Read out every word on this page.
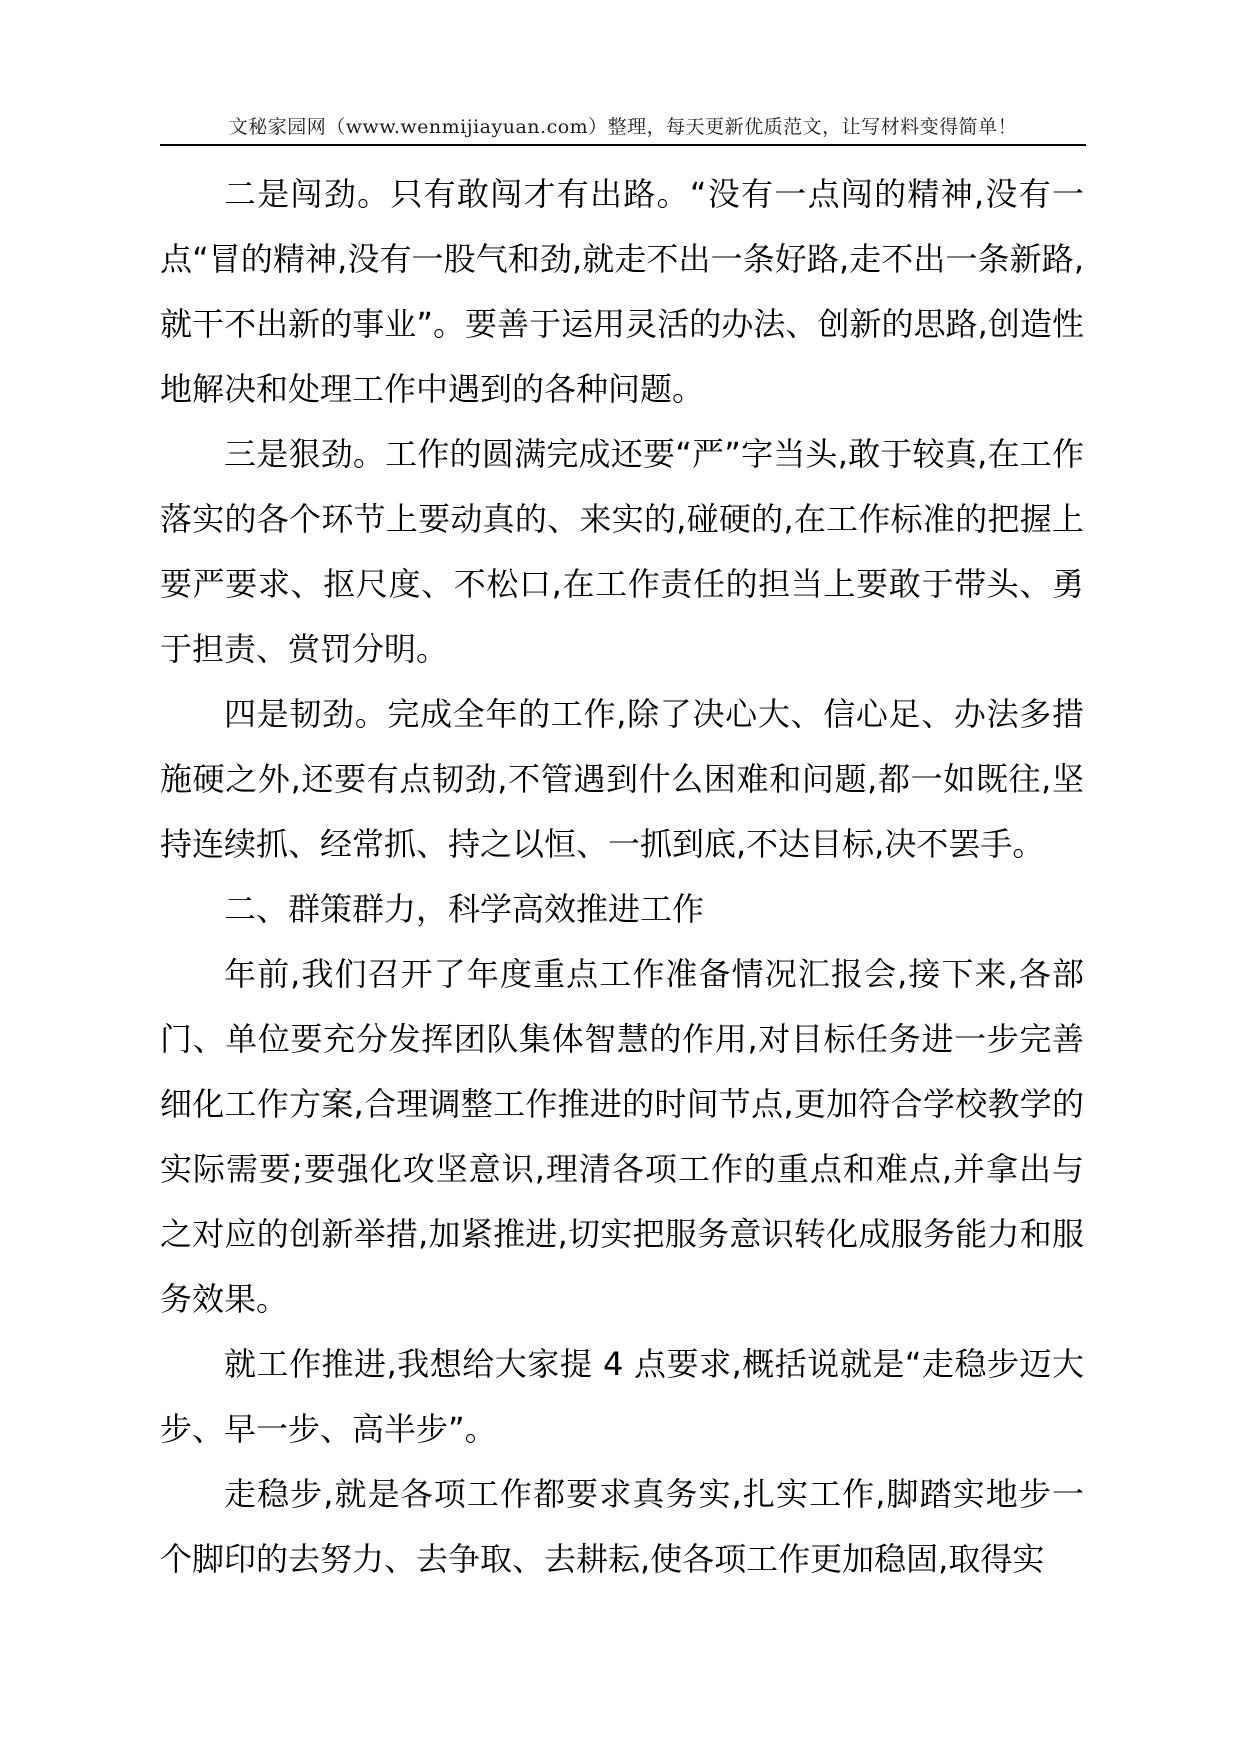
文秘家园网（www.wenmijiayuan.com）整理，每天更新优质范文，让写材料变得简单！

二是闯劲。只有敢闯才有出路。“没有一点闯的精神,没有一点“冒的精神,没有一股气和劲,就走不出一条好路,走不出一条新路,就干不出新的事业”。要善于运用灵活的办法、创新的思路,创造性地解决和处理工作中遇到的各种问题。

三是狠劲。工作的圆满完成还要“严”字当头,敢于较真,在工作落实的各个环节上要动真的、来实的,碰硬的,在工作标准的把握上要严要求、抠尺度、不松口,在工作责任的担当上要敢于带头、勇于担责、赏罚分明。

四是韧劲。完成全年的工作,除了决心大、信心足、办法多措施硬之外,还要有点韧劲,不管遇到什么困难和问题,都一如既往,坚持连续抓、经常抓、持之以恒、一抓到底,不达目标,决不罢手。

二、群策群力，科学高效推进工作

年前,我们召开了年度重点工作准备情况汇报会,接下来,各部门、单位要充分发挥团队集体智慧的作用,对目标任务进一步完善细化工作方案,合理调整工作推进的时间节点,更加符合学校教学的实际需要;要强化攻坚意识,理清各项工作的重点和难点,并拿出与之对应的创新举措,加紧推进,切实把服务意识转化成服务能力和服务效果。

就工作推进,我想给大家提 4 点要求,概括说就是“走稳步迈大步、早一步、高半步”。

走稳步,就是各项工作都要求真务实,扎实工作,脚踏实地步一个脚印的去努力、去争取、去耕耘,使各项工作更加稳固,取得实
